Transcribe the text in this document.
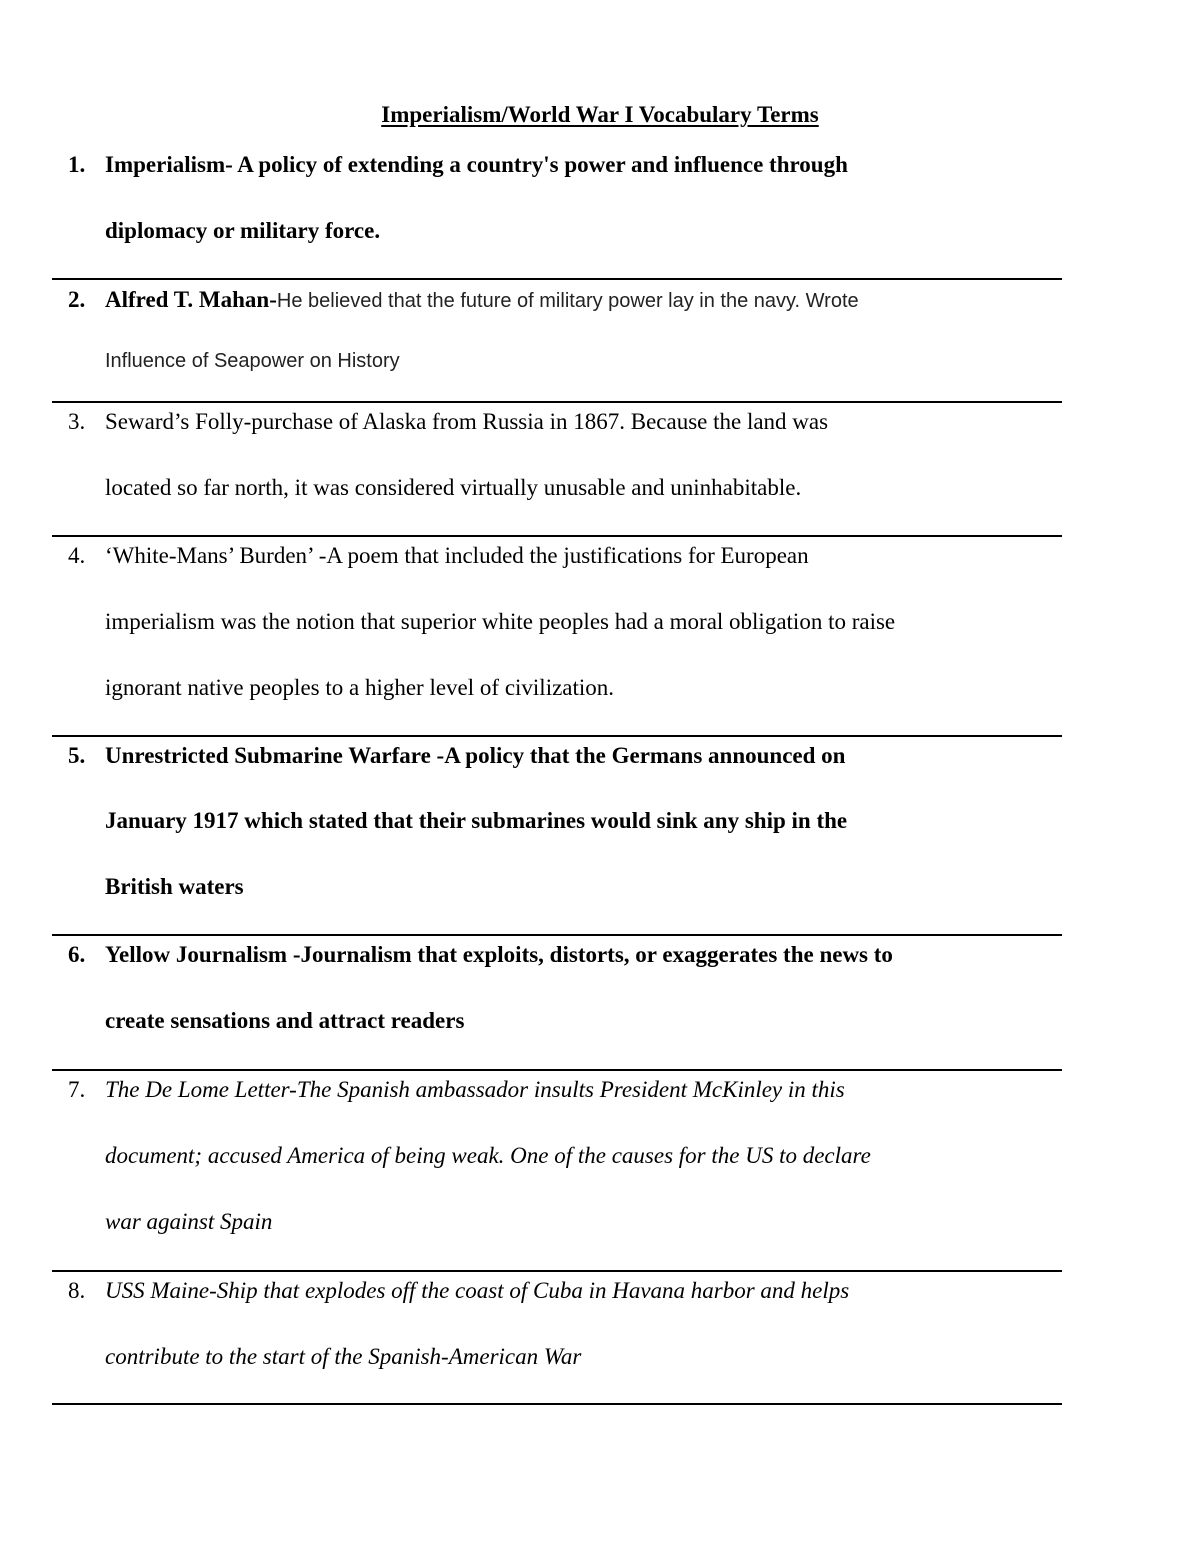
Imperialism/World War I Vocabulary Terms
1. Imperialism- A policy of extending a country's power and influence through
diplomacy or military force.
2. Alfred T. Mahan-He believed that the future of military power lay in the navy. Wrote
Influence of Seapower on History
3. Seward’s Folly-purchase of Alaska from Russia in 1867. Because the land was
located so far north, it was considered virtually unusable and uninhabitable.
4. ‘White-Mans’ Burden’ -A poem that included the justifications for European
imperialism was the notion that superior white peoples had a moral obligation to raise
ignorant native peoples to a higher level of civilization.
5. Unrestricted Submarine Warfare -A policy that the Germans announced on
January 1917 which stated that their submarines would sink any ship in the
British waters
6. Yellow Journalism -Journalism that exploits, distorts, or exaggerates the news to
create sensations and attract readers
7. The De Lome Letter-The Spanish ambassador insults President McKinley in this
document; accused America of being weak. One of the causes for the US to declare
war against Spain
8. USS Maine-Ship that explodes off the coast of Cuba in Havana harbor and helps
contribute to the start of the Spanish-American War
